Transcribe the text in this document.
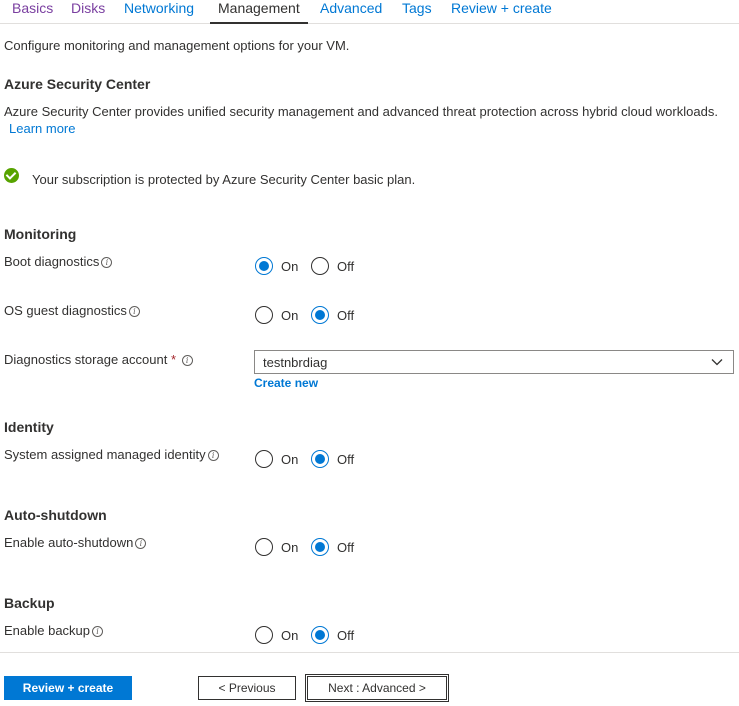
Basics Disks Networking	Management	Advanced Tags Review + create
Configure monitoring and management options for your VM.
Azure Security Center
Azure Security Center provides unified security management and advanced threat protection across hybrid cloud workloads.
Learn more
Your subscription is protected by Azure Security Center basic plan.
Monitoring
Boot diagnostics i	On	Off
OS guest diagnostics i	On	Off
Diagnostics storage account * i	testnbrdiag
Create new
Identity
System assigned managed identity i	On	Off
Auto-shutdown
Enable auto-shutdown i	On	Off
Backup
Enable backup i	On	Off
Review + create	< Previous	Next : Advanced >
